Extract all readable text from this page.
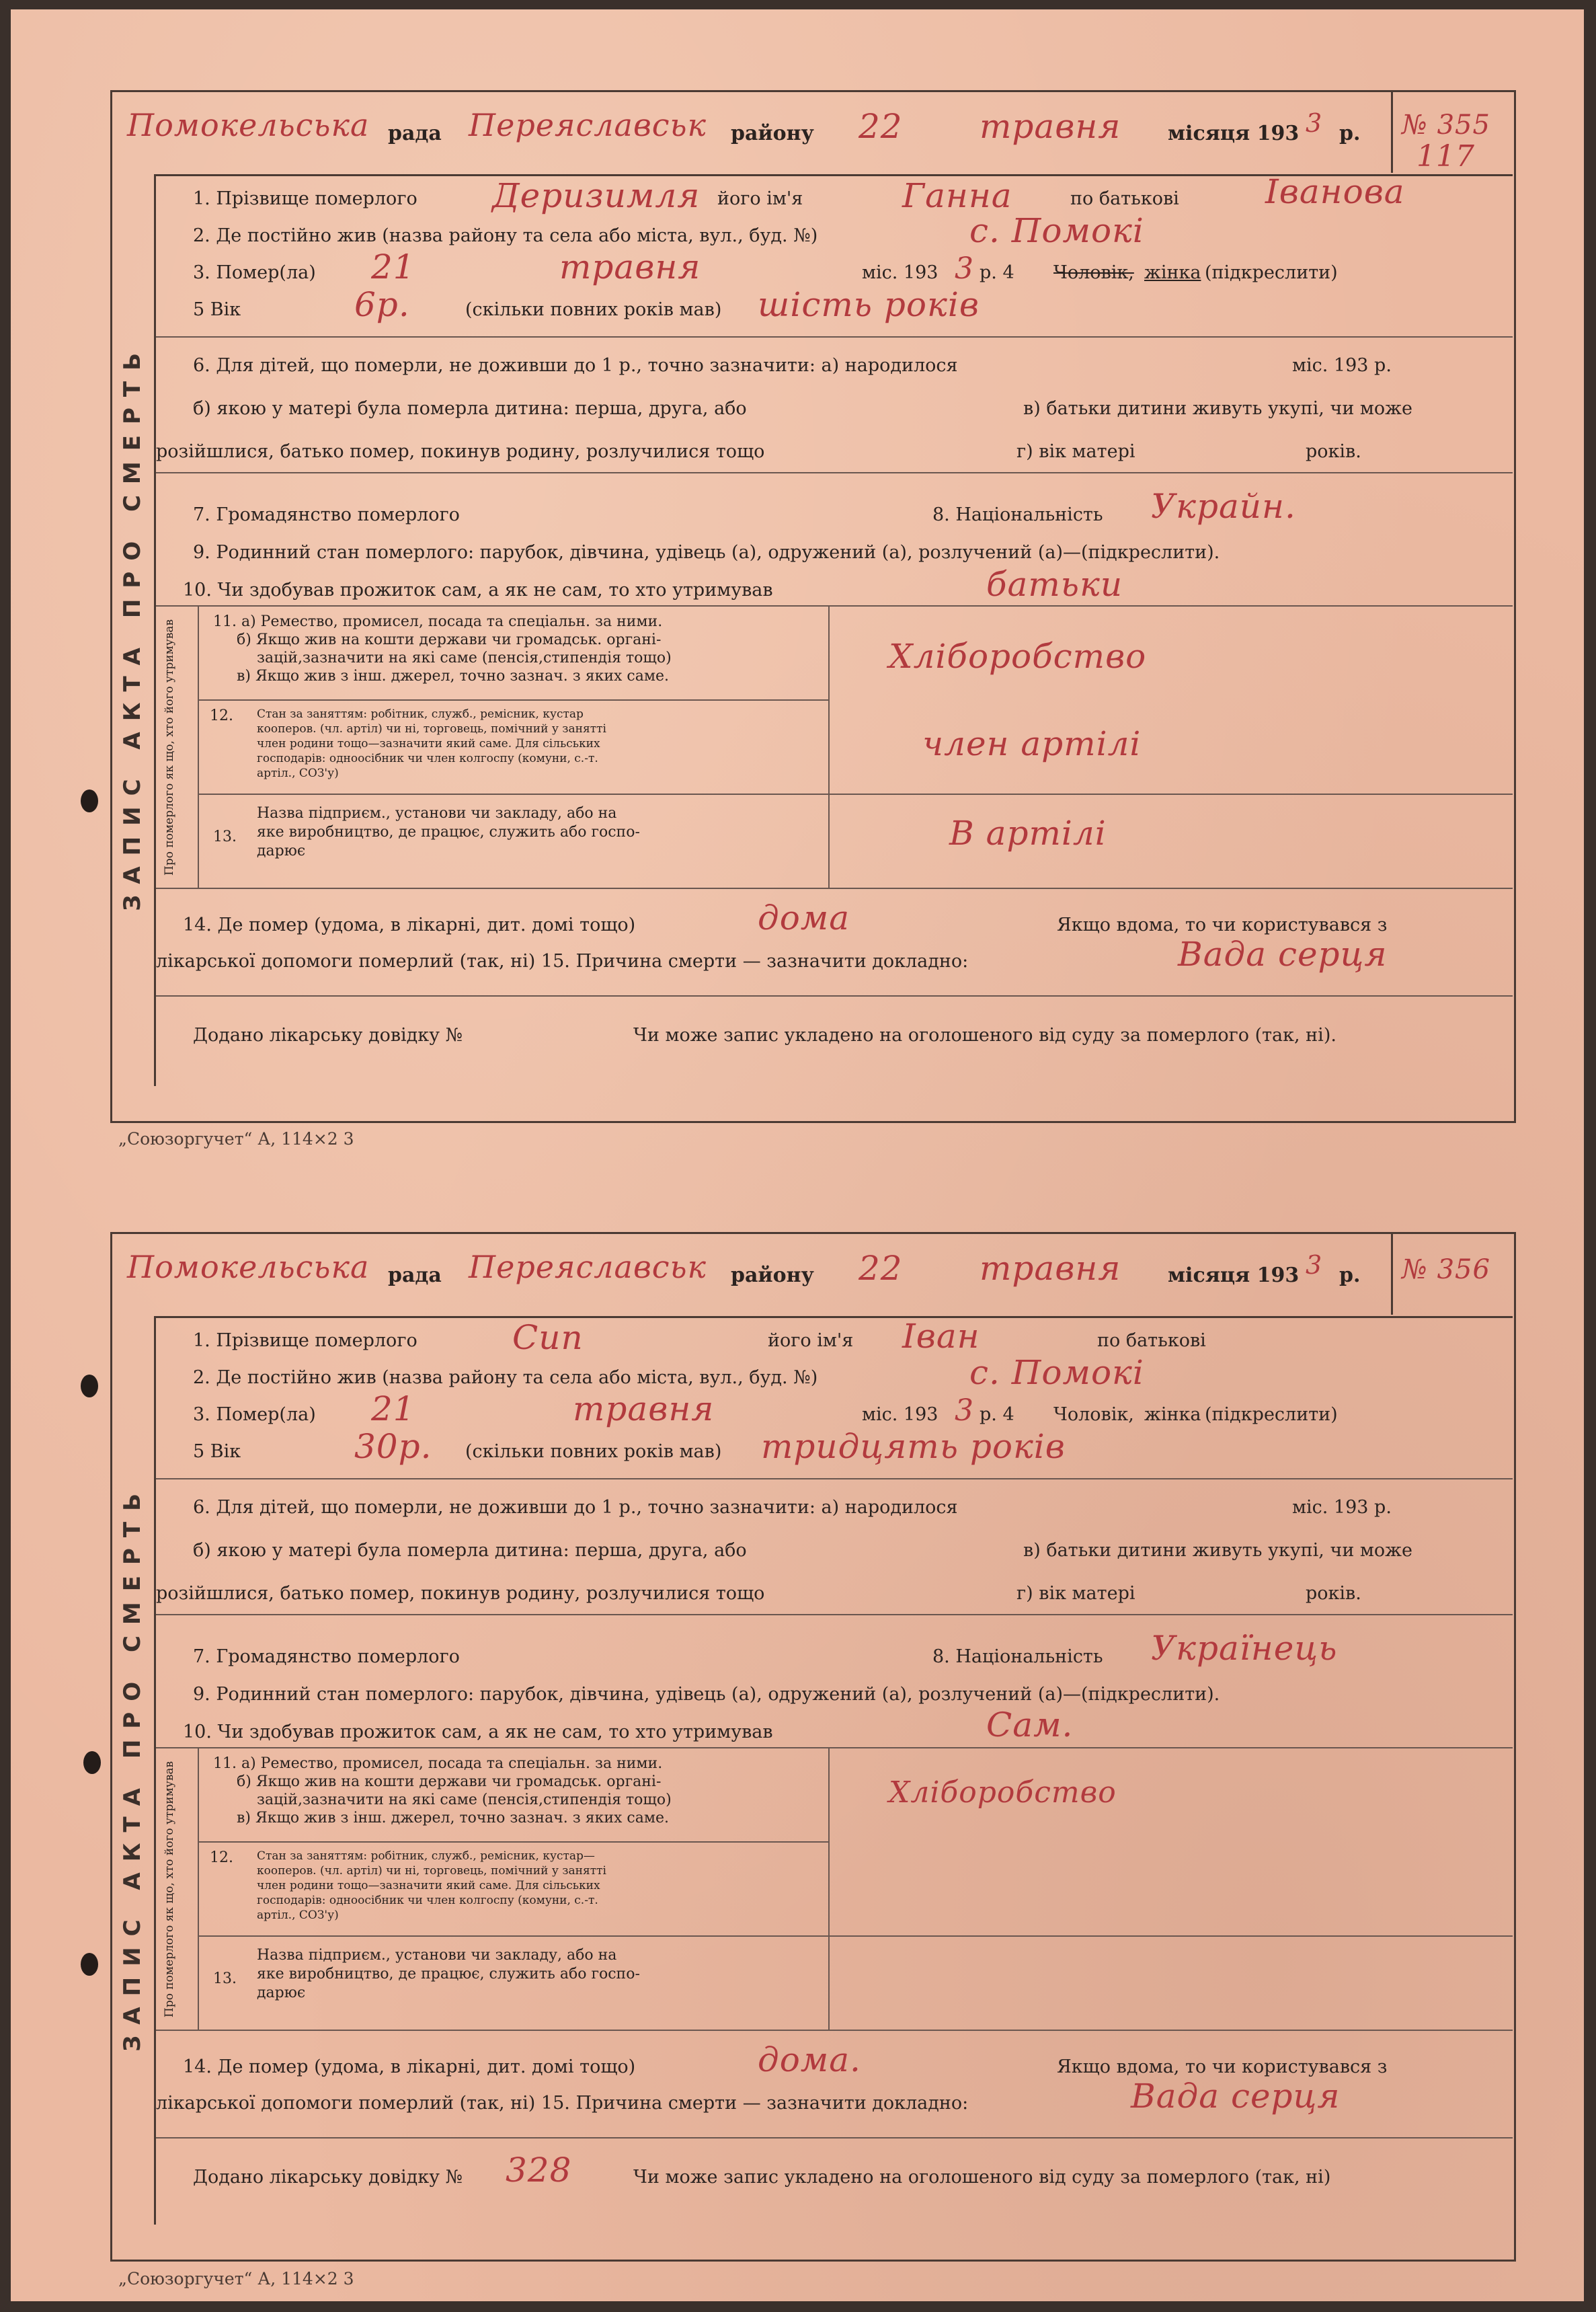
Помокельська рада Переяславськ району 22 травня місяця 193 3 р. № 355
117
ЗАПИС АКТА ПРО СМЕРТЬ
1. Прізвище померлого Деризимля його ім'я	Ганна	по батькові	Іванова
2. Де постійно жив (назва району та села або міста, вул., буд. №)	с. Помокі
3. Помер(ла) 21	травня	міс. 193 3 р. 4 Чоловік, жінка (підкреслити)
5 Вік	6р.	(скільки повних років мав) шість років
6. Для дітей, що померли, не доживши до 1 р., точно зазначити: а) народилося	міс. 193 р.
б) якою у матері була померла дитина: перша, друга, або	в) батьки дитини живуть укупі, чи може
розійшлися, батько помер, покинув родину, розлучилися тощо	г) вік матері	років.
7. Громадянство померлого	8. Національність Украйн.
9. Родинний стан померлого: парубок, дівчина, удівець (а), одружений (а), розлучений (а)—(підкреслити).
10. Чи здобував прожиток сам, а як не сам, то хто утримував	батьки
Про померлого як що, хто його утримував	11. а) Ремество, промисел, посада та спеціальн. за ними.
б) Якщо жив на кошти держави чи громадськ. органі-
зацій,зазначити на які саме (пенсія,стипендія тощо)
в) Якщо жив з інш. джерел, точно зазнач. з яких саме.
Хліборобство
12. Стан за заняттям: робітник, служб., ремісник, кустар
кооперов. (чл. артіл) чи ні, торговець, помічний у занятті
член родини тощо—зазначити який саме. Для сільських
господарів: одноосібник чи член колгоспу (комуни, с.-т.
артіл., СОЗ'у)
член артілі
13.
Назва підприєм., установи чи закладу, або на
яке виробництво, де працює, служить або госпо-
дарює	В артілі
14. Де помер (удома, в лікарні, дит. домі тощо)	дома	Якщо вдома, то чи користувався з
лікарської допомоги померлий (так, ні) 15. Причина смерти — зазначити докладно:	Вада серця
Додано лікарську довідку №	Чи може запис укладено на оголошеного від суду за померлого (так, ні).
„Союзоргучет“ А, 114×2 3
Помокельська рада Переяславськ району 22 травня місяця 193 3 р. № 356
ЗАПИС АКТА ПРО СМЕРТЬ
1. Прізвище померлого	Сип	його ім'я Іван	по батькові
2. Де постійно жив (назва району та села або міста, вул., буд. №)	с. Помокі
3. Помер(ла) 21	травня	міс. 193 3 р. 4 Чоловік, жінка (підкреслити)
5 Вік	30р. (скільки повних років мав) тридцять років
6. Для дітей, що померли, не доживши до 1 р., точно зазначити: а) народилося	міс. 193 р.
б) якою у матері була померла дитина: перша, друга, або	в) батьки дитини живуть укупі, чи може
розійшлися, батько помер, покинув родину, розлучилися тощо	г) вік матері	років.
7. Громадянство померлого	8. Національність Українець
9. Родинний стан померлого: парубок, дівчина, удівець (а), одружений (а), розлучений (а)—(підкреслити).
10. Чи здобував прожиток сам, а як не сам, то хто утримував	Сам.
Про померлого як що, хто його утримував	11. а) Ремество, промисел, посада та спеціальн. за ними.
б) Якщо жив на кошти держави чи громадськ. органі-
зацій,зазначити на які саме (пенсія,стипендія тощо)
в) Якщо жив з інш. джерел, точно зазнач. з яких саме.
Хліборобство
12. Стан за заняттям: робітник, служб., ремісник, кустар—
кооперов. (чл. артіл) чи ні, торговець, помічний у занятті
член родини тощо—зазначити який саме. Для сільських
господарів: одноосібник чи член колгоспу (комуни, с.-т.
артіл., СОЗ'у)
13.
Назва підприєм., установи чи закладу, або на
яке виробництво, де працює, служить або госпо-
дарює
14. Де помер (удома, в лікарні, дит. домі тощо)	дома.	Якщо вдома, то чи користувався з
лікарської допомоги померлий (так, ні) 15. Причина смерти — зазначити докладно:	Вада серця
Додано лікарську довідку № 328	Чи може запис укладено на оголошеного від суду за померлого (так, ні)
„Союзоргучет“ А, 114×2 3
